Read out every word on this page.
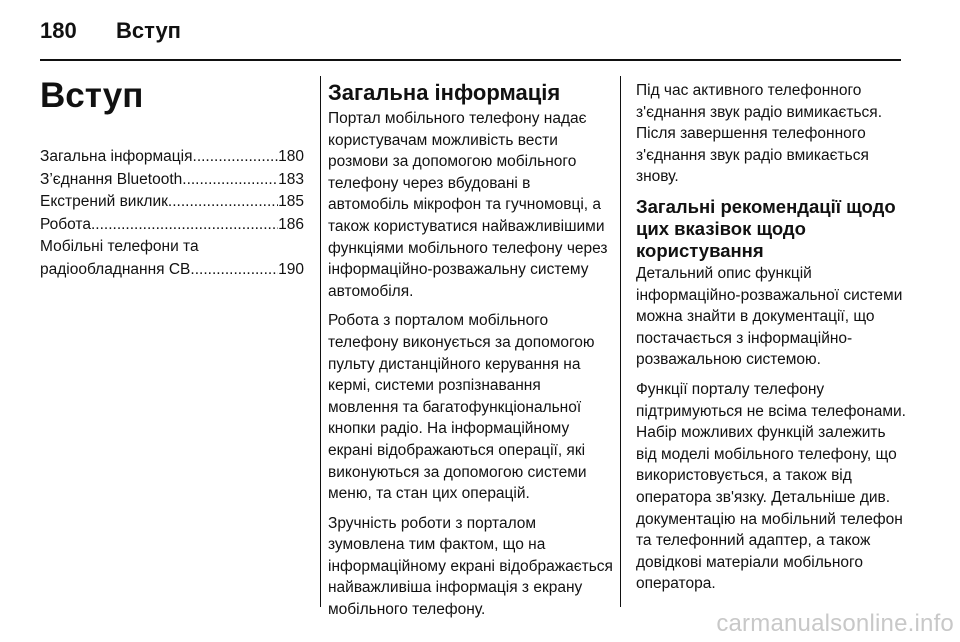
180 Вступ
Вступ
Загальна інформація .....	180
З’єднання Bluetooth .....	183
Екстрений виклик .....	185
Робота .....	186
Мобільні телефони та
радіообладнання СВ .....	190
Загальна інформація

Портал мобільного телефону надає користувачам можливість вести розмови за допомогою мобільного телефону через вбудовані в автомобіль мікрофон та гучномовці, а також користуватися найважливішими функціями мобільного телефону через інформаційно-розважальну систему автомобіля.

Робота з порталом мобільного телефону виконується за допомогою пульту дистанційного керування на кермі, системи розпізнавання мовлення та багатофункціональної кнопки радіо. На інформаційному екрані відображаються операції, які виконуються за допомогою системи меню, та стан цих операцій.

Зручність роботи з порталом зумовлена тим фактом, що на інформаційному екрані відображається найважливіша інформація з екрану мобільного телефону.

Під час активного телефонного з'єднання звук радіо вимикається. Після завершення телефонного з'єднання звук радіо вмикається знову.

Загальні рекомендації щодо цих вказівок щодо користування

Детальний опис функцій інформаційно-розважальної системи можна знайти в документації, що постачається з інформаційно-розважальною системою.

Функції порталу телефону підтримуються не всіма телефонами. Набір можливих функцій залежить від моделі мобільного телефону, що використовується, а також від оператора зв'язку. Детальніше див. документацію на мобільний телефон та телефонний адаптер, а також довідкові матеріали мобільного оператора.

carmanualsonline.info
